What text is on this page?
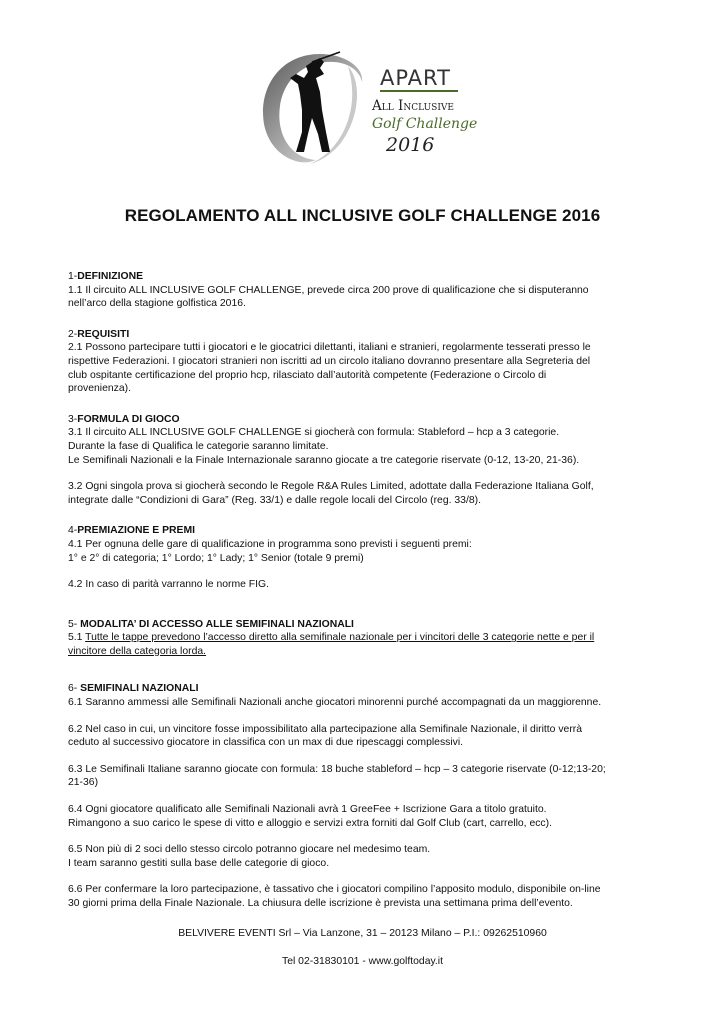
APART
All Inclusive
Golf Challenge
2016
REGOLAMENTO ALL INCLUSIVE GOLF CHALLENGE 2016
1-DEFINIZIONE
1.1 Il circuito ALL INCLUSIVE GOLF CHALLENGE, prevede circa 200 prove di qualificazione che si disputeranno
nell’arco della stagione golfistica 2016.
2-REQUISITI
2.1 Possono partecipare tutti i giocatori e le giocatrici dilettanti, italiani e stranieri, regolarmente tesserati presso le
rispettive Federazioni. I giocatori stranieri non iscritti ad un circolo italiano dovranno presentare alla Segreteria del
club ospitante certificazione del proprio hcp, rilasciato dall’autorità competente (Federazione o Circolo di
provenienza).
3-FORMULA DI GIOCO
3.1 Il circuito ALL INCLUSIVE GOLF CHALLENGE si giocherà con formula: Stableford – hcp a 3 categorie.
Durante la fase di Qualifica le categorie saranno limitate.
Le Semifinali Nazionali e la Finale Internazionale saranno giocate a tre categorie riservate (0-12, 13-20, 21-36).
3.2 Ogni singola prova si giocherà secondo le Regole R&A Rules Limited, adottate dalla Federazione Italiana Golf,
integrate dalle “Condizioni di Gara” (Reg. 33/1) e dalle regole locali del Circolo (reg. 33/8).
4-PREMIAZIONE E PREMI
4.1 Per ognuna delle gare di qualificazione in programma sono previsti i seguenti premi:
1° e 2° di categoria; 1° Lordo; 1° Lady; 1° Senior (totale 9 premi)
4.2 In caso di parità varranno le norme FIG.
5- MODALITA’ DI ACCESSO ALLE SEMIFINALI NAZIONALI
5.1 Tutte le tappe prevedono l’accesso diretto alla semifinale nazionale per i vincitori delle 3 categorie nette e per il
vincitore della categoria lorda.
6- SEMIFINALI NAZIONALI
6.1 Saranno ammessi alle Semifinali Nazionali anche giocatori minorenni purché accompagnati da un maggiorenne.
6.2 Nel caso in cui, un vincitore fosse impossibilitato alla partecipazione alla Semifinale Nazionale, il diritto verrà
ceduto al successivo giocatore in classifica con un max di due ripescaggi complessivi.
6.3 Le Semifinali Italiane saranno giocate con formula: 18 buche stableford – hcp – 3 categorie riservate (0-12;13-20;
21-36)
6.4 Ogni giocatore qualificato alle Semifinali Nazionali avrà 1 GreeFee + Iscrizione Gara a titolo gratuito.
Rimangono a suo carico le spese di vitto e alloggio e servizi extra forniti dal Golf Club (cart, carrello, ecc).
6.5 Non più di 2 soci dello stesso circolo potranno giocare nel medesimo team.
I team saranno gestiti sulla base delle categorie di gioco.
6.6 Per confermare la loro partecipazione, è tassativo che i giocatori compilino l’apposito modulo, disponibile on-line
30 giorni prima della Finale Nazionale. La chiusura delle iscrizione è prevista una settimana prima dell’evento.
BELVIVERE EVENTI Srl – Via Lanzone, 31 – 20123 Milano – P.I.: 09262510960
Tel 02-31830101 - www.golftoday.it
